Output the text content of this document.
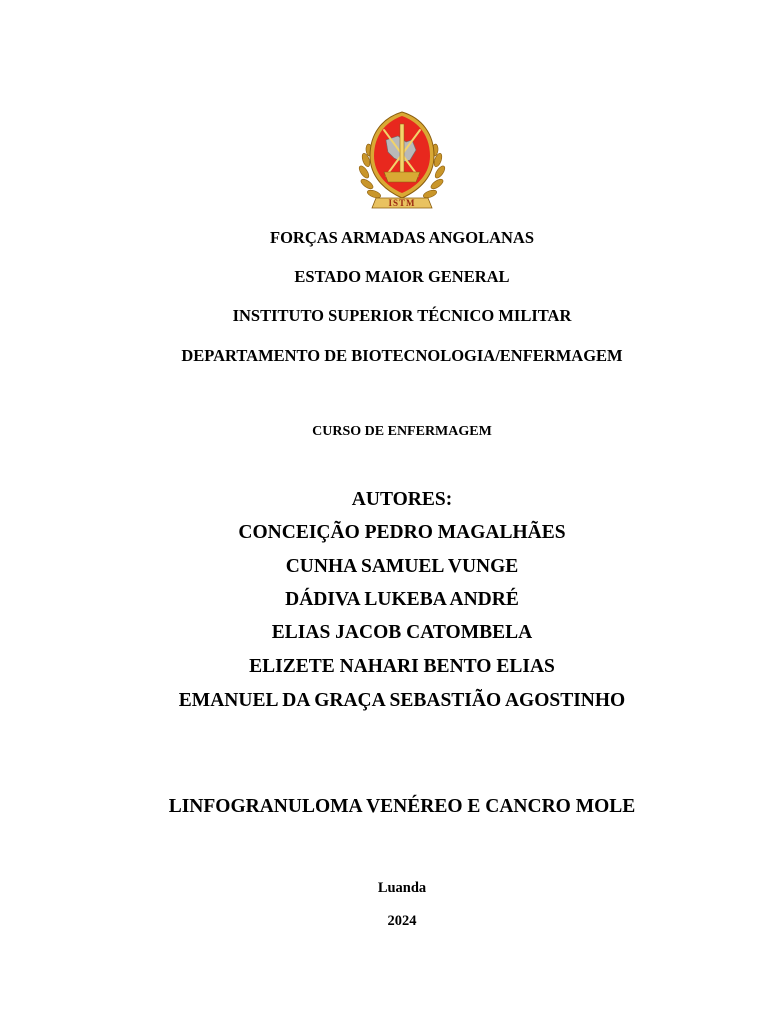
ISTM
FORÇAS ARMADAS ANGOLANAS
ESTADO MAIOR GENERAL
INSTITUTO SUPERIOR TÉCNICO MILITAR
DEPARTAMENTO DE BIOTECNOLOGIA/ENFERMAGEM
CURSO DE ENFERMAGEM
AUTORES:
CONCEIÇÃO PEDRO MAGALHÃES
CUNHA SAMUEL VUNGE
DÁDIVA LUKEBA ANDRÉ
ELIAS JACOB CATOMBELA
ELIZETE NAHARI BENTO ELIAS
EMANUEL DA GRAÇA SEBASTIÃO AGOSTINHO
LINFOGRANULOMA VENÉREO E CANCRO MOLE
Luanda
2024
